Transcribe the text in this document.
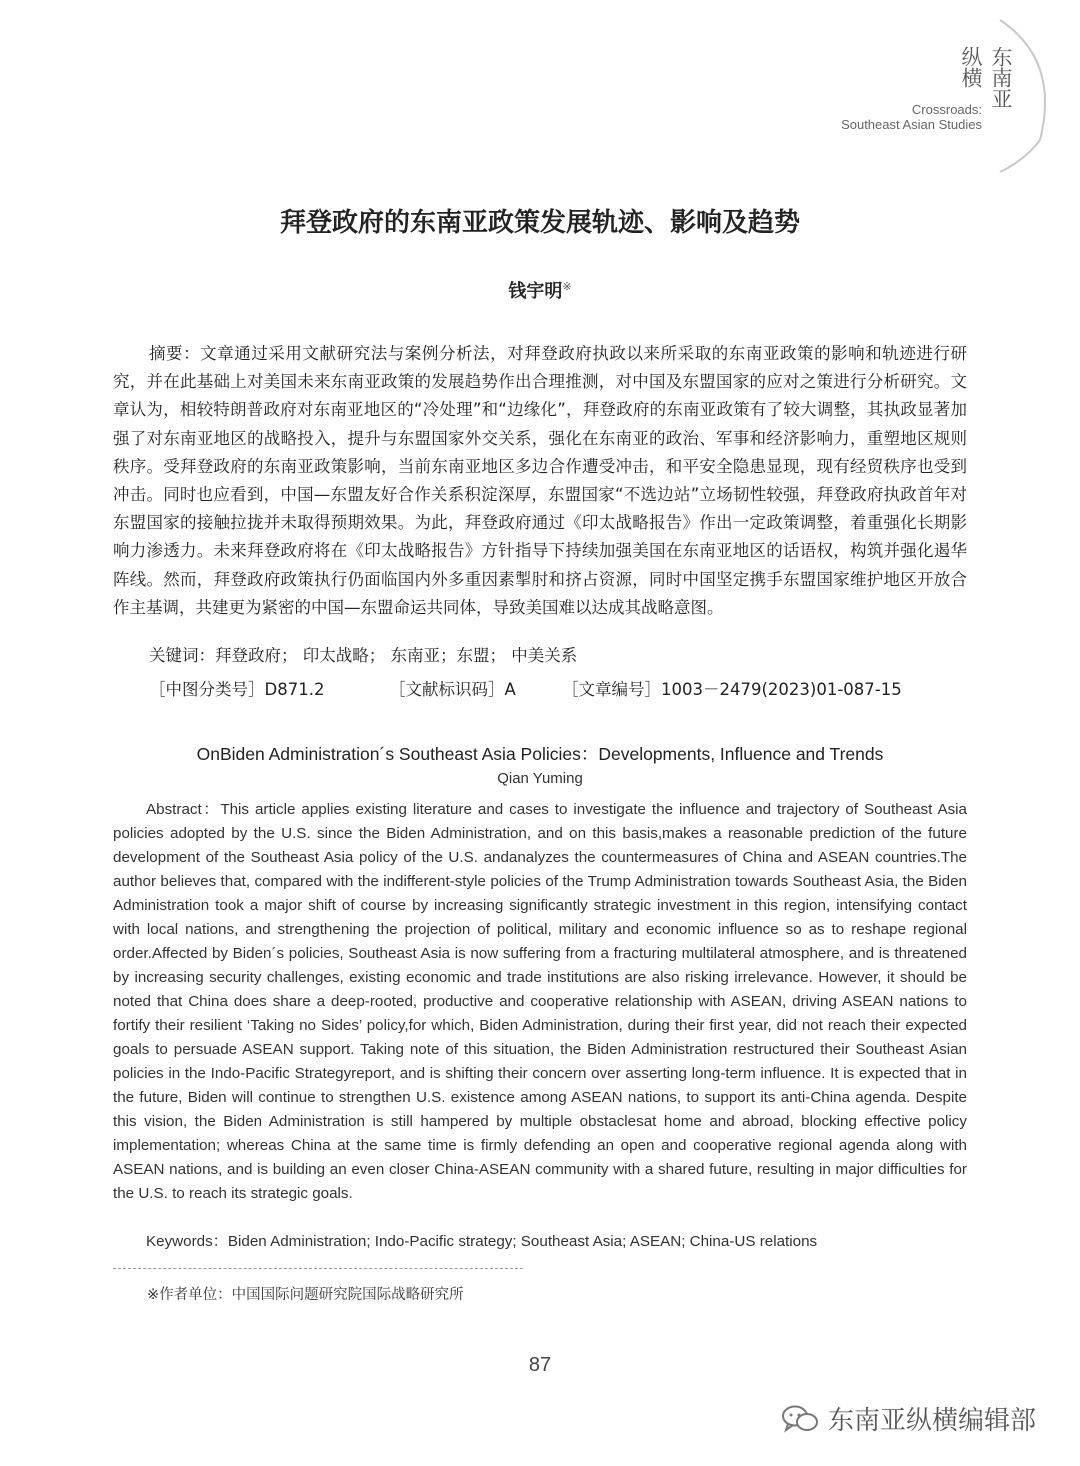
纵横 东南亚
Crossroads:
Southeast Asian Studies
拜登政府的东南亚政策发展轨迹、影响及趋势
钱宇明※
摘要：文章通过采用文献研究法与案例分析法，对拜登政府执政以来所采取的东南亚政策的影响和轨迹进行研究，并在此基础上对美国未来东南亚政策的发展趋势作出合理推测，对中国及东盟国家的应对之策进行分析研究。文章认为，相较特朗普政府对东南亚地区的“冷处理”和“边缘化”，拜登政府的东南亚政策有了较大调整，其执政显著加强了对东南亚地区的战略投入，提升与东盟国家外交关系，强化在东南亚的政治、军事和经济影响力，重塑地区规则秩序。受拜登政府的东南亚政策影响，当前东南亚地区多边合作遭受冲击，和平安全隐患显现，现有经贸秩序也受到冲击。同时也应看到，中国—东盟友好合作关系积淀深厚，东盟国家“不选边站”立场韧性较强，拜登政府执政首年对东盟国家的接触拉拢并未取得预期效果。为此，拜登政府通过《印太战略报告》作出一定政策调整，着重强化长期影响力渗透力。未来拜登政府将在《印太战略报告》方针指导下持续加强美国在东南亚地区的话语权，构筑并强化遏华阵线。然而，拜登政府政策执行仍面临国内外多重因素掣肘和挤占资源，同时中国坚定携手东盟国家维护地区开放合作主基调，共建更为紧密的中国—东盟命运共同体，导致美国难以达成其战略意图。
关键词：拜登政府； 印太战略； 东南亚；东盟； 中美关系
［中图分类号］D871.2	［文献标识码］A	［文章编号］1003－2479(2023)01-087-15
OnBiden Administration´s Southeast Asia Policies：Developments, Influence and Trends
Qian Yuming
Abstract：This article applies existing literature and cases to investigate the influence and trajectory of Southeast Asia policies adopted by the U.S. since the Biden Administration, and on this basis,makes a reasonable prediction of the future development of the Southeast Asia policy of the U.S. andanalyzes the countermeasures of China and ASEAN countries.The author believes that, compared with the indifferent-style policies of the Trump Administration towards Southeast Asia, the Biden Administration took a major shift of course by increasing significantly strategic investment in this region, intensifying contact with local nations, and strengthening the projection of political, military and economic influence so as to reshape regional order.Affected by Biden´s policies, Southeast Asia is now suffering from a fracturing multilateral atmosphere, and is threatened by increasing security challenges, existing economic and trade institutions are also risking irrelevance. However, it should be noted that China does share a deep-rooted, productive and cooperative relationship with ASEAN, driving ASEAN nations to fortify their resilient ‘Taking no Sides’ policy,for which, Biden Administration, during their first year, did not reach their expected goals to persuade ASEAN support. Taking note of this situation, the Biden Administration restructured their Southeast Asian policies in the Indo-Pacific Strategyreport, and is shifting their concern over asserting long-term influence. It is expected that in the future, Biden will continue to strengthen U.S. existence among ASEAN nations, to support its anti-China agenda. Despite this vision, the Biden Administration is still hampered by multiple obstaclesat home and abroad, blocking effective policy implementation; whereas China at the same time is firmly defending an open and cooperative regional agenda along with ASEAN nations, and is building an even closer China-ASEAN community with a shared future, resulting in major difficulties for the U.S. to reach its strategic goals.
Keywords：Biden Administration; Indo-Pacific strategy; Southeast Asia; ASEAN; China-US relations
※作者单位：中国国际问题研究院国际战略研究所
87
东南亚纵横编辑部
